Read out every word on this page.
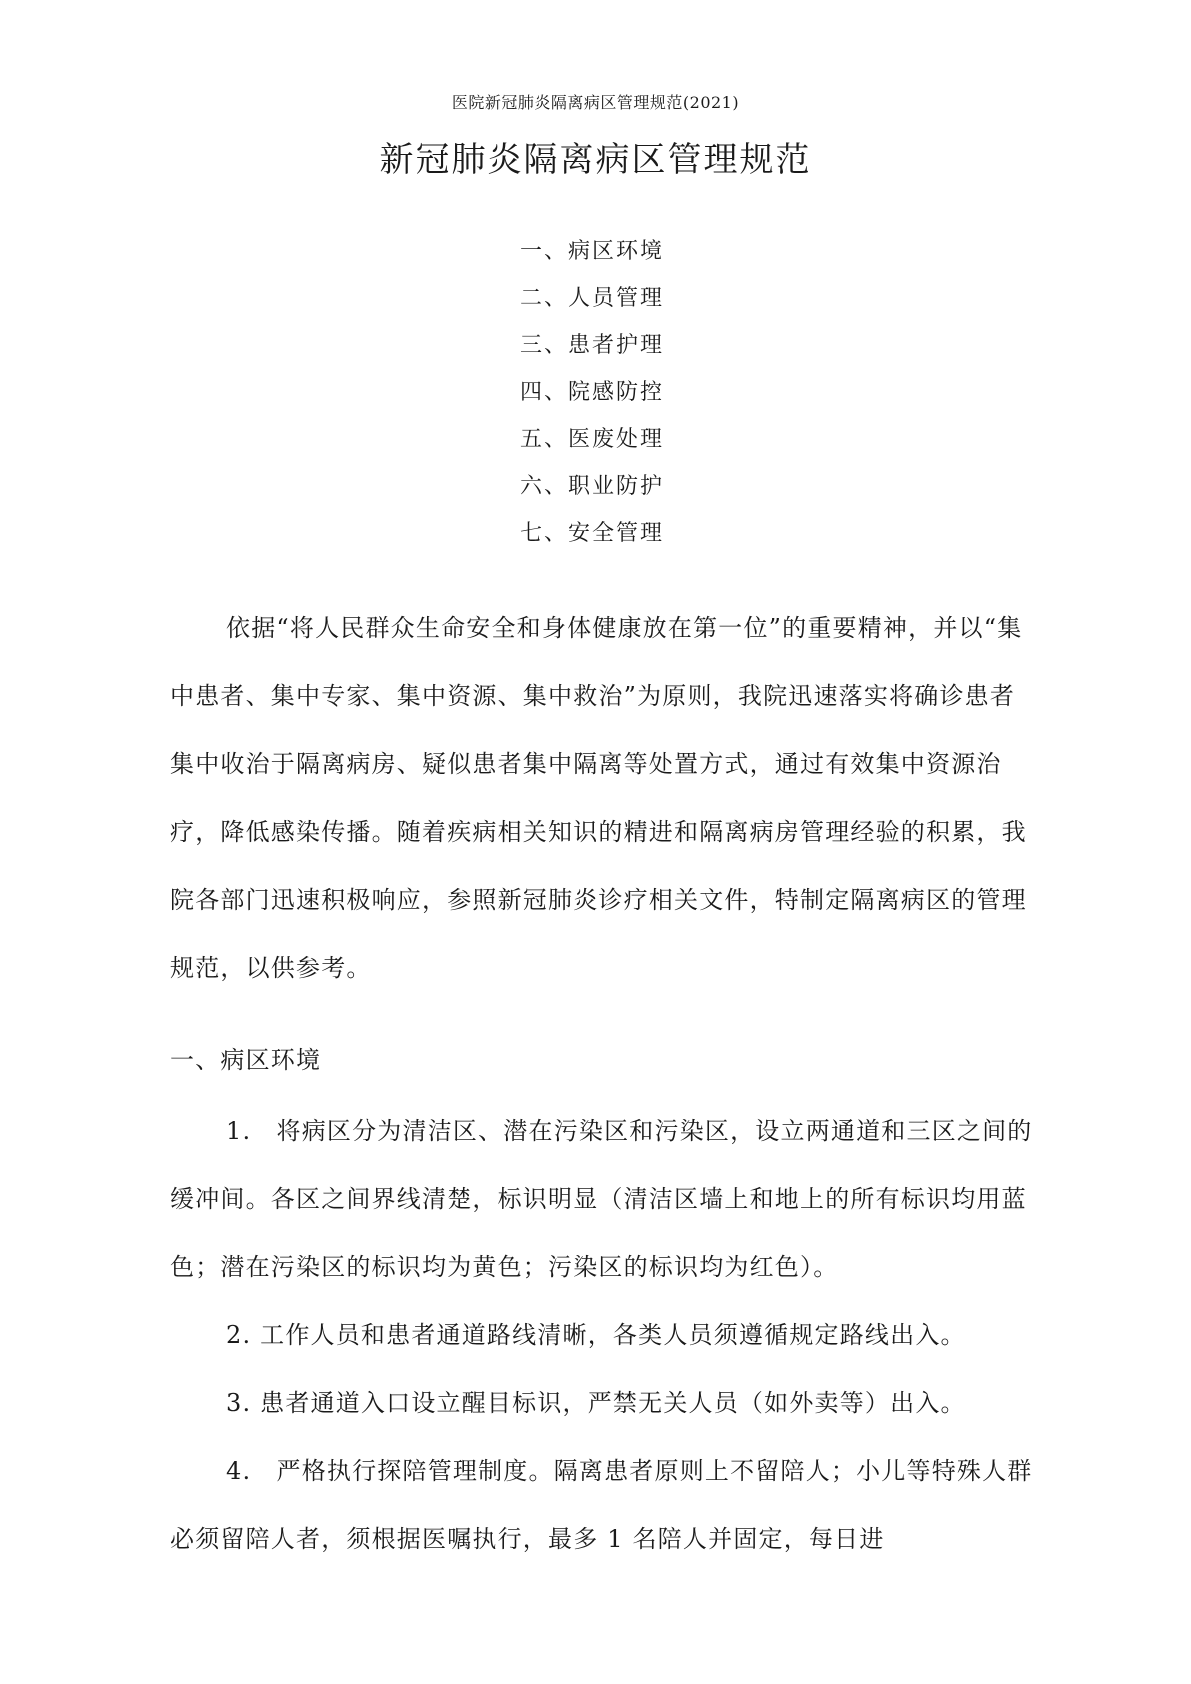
医院新冠肺炎隔离病区管理规范(2021)
新冠肺炎隔离病区管理规范
一、病区环境
二、人员管理
三、患者护理
四、院感防控
五、医废处理
六、职业防护
七、安全管理

依据“将人民群众生命安全和身体健康放在第一位”的重要精神，并以“集中患者、集中专家、集中资源、集中救治”为原则，我院迅速落实将确诊患者集中收治于隔离病房、疑似患者集中隔离等处置方式，通过有效集中资源治疗，降低感染传播。随着疾病相关知识的精进和隔离病房管理经验的积累，我院各部门迅速积极响应，参照新冠肺炎诊疗相关文件，特制定隔离病区的管理规范，以供参考。

一、病区环境

1.　将病区分为清洁区、潜在污染区和污染区，设立两通道和三区之间的缓冲间。各区之间界线清楚，标识明显（清洁区墙上和地上的所有标识均用蓝色；潜在污染区的标识均为黄色；污染区的标识均为红色）。

2. 工作人员和患者通道路线清晰，各类人员须遵循规定路线出入。

3. 患者通道入口设立醒目标识，严禁无关人员（如外卖等）出入。

4.　严格执行探陪管理制度。隔离患者原则上不留陪人；小儿等特殊人群必须留陪人者，须根据医嘱执行，最多 1 名陪人并固定，每日进
